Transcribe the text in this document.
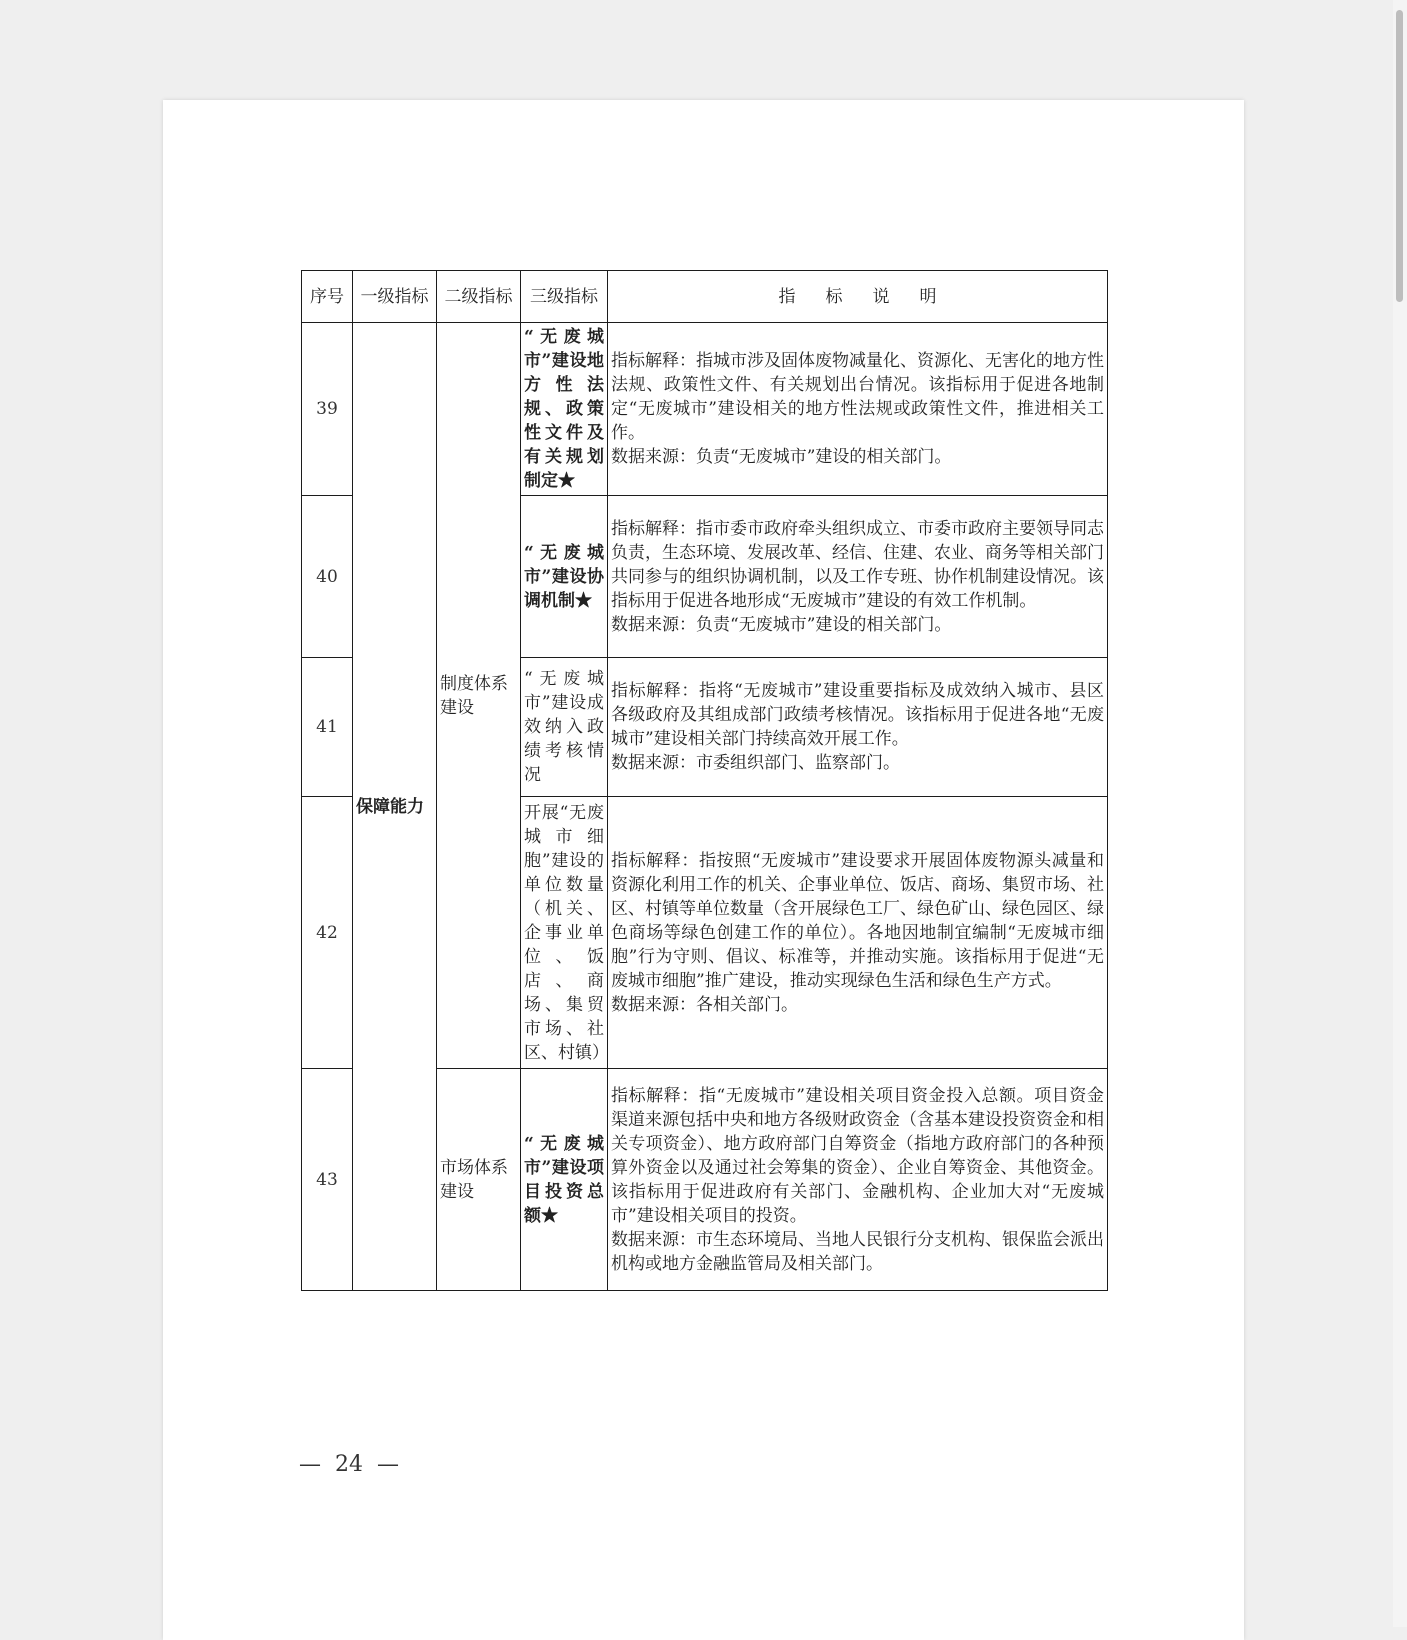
序号	一级指标	二级指标	三级指标	指标说明
39	保障能力	制度体系建设	“无废城市”建设地方性法规、政策性文件及有关规划制定★	指标解释：指城市涉及固体废物减量化、资源化、无害化的地方性法规、政策性文件、有关规划出台情况。该指标用于促进各地制定“无废城市”建设相关的地方性法规或政策性文件，推进相关工作。

数据来源：负责“无废城市”建设的相关部门。

40			“无废城市”建设协调机制★	指标解释：指市委市政府牵头组织成立、市委市政府主要领导同志负责，生态环境、发展改革、经信、住建、农业、商务等相关部门共同参与的组织协调机制，以及工作专班、协作机制建设情况。该指标用于促进各地形成“无废城市”建设的有效工作机制。

数据来源：负责“无废城市”建设的相关部门。

41			“无废城市”建设成效纳入政绩考核情况	指标解释：指将“无废城市”建设重要指标及成效纳入城市、县区各级政府及其组成部门政绩考核情况。该指标用于促进各地“无废城市”建设相关部门持续高效开展工作。

数据来源：市委组织部门、监察部门。

42			开展“无废城市细胞”建设的单位数量（机关、企事业单位、饭店、商场、集贸市场、社区、村镇）	指标解释：指按照“无废城市”建设要求开展固体废物源头减量和资源化利用工作的机关、企事业单位、饭店、商场、集贸市场、社区、村镇等单位数量（含开展绿色工厂、绿色矿山、绿色园区、绿色商场等绿色创建工作的单位）。各地因地制宜编制“无废城市细胞”行为守则、倡议、标准等，并推动实施。该指标用于促进“无废城市细胞”推广建设，推动实现绿色生活和绿色生产方式。

数据来源：各相关部门。

43		市场体系建设	“无废城市”建设项目投资总额★	指标解释：指“无废城市”建设相关项目资金投入总额。项目资金渠道来源包括中央和地方各级财政资金（含基本建设投资资金和相关专项资金）、地方政府部门自筹资金（指地方政府部门的各种预算外资金以及通过社会筹集的资金）、企业自筹资金、其他资金。该指标用于促进政府有关部门、金融机构、企业加大对“无废城市”建设相关项目的投资。

数据来源：市生态环境局、当地人民银行分支机构、银保监会派出机构或地方金融监管局及相关部门。

—  24  —
